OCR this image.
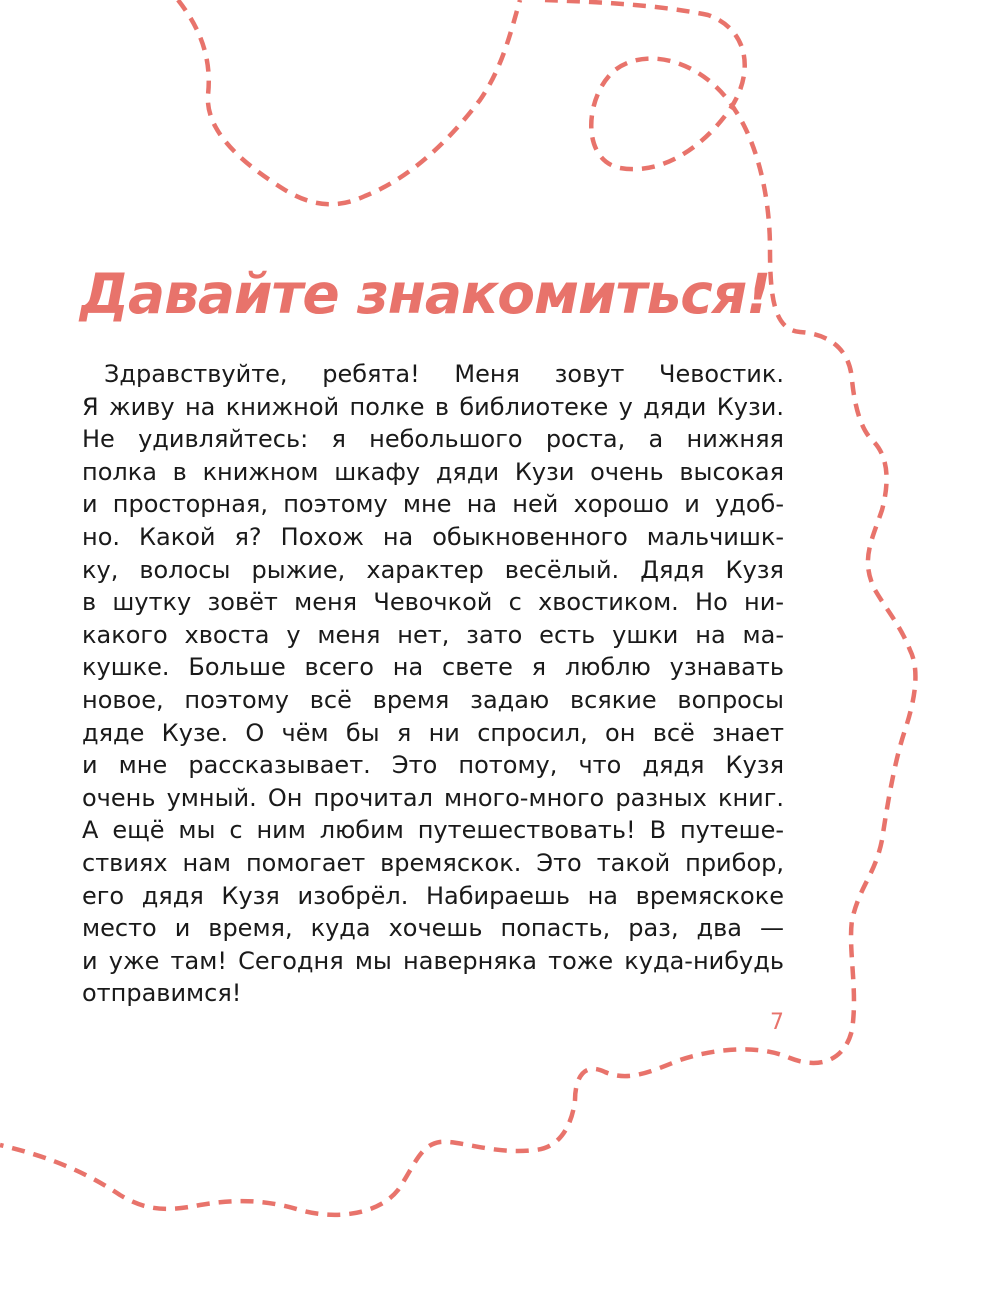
Давайте знакомиться!
Здравствуйте, ребята! Меня зовут Чевостик.
Я живу на книжной полке в библиотеке у дяди Кузи.
Не удивляйтесь: я небольшого роста, а нижняя
полка в книжном шкафу дяди Кузи очень высокая
и просторная, поэтому мне на ней хорошо и удоб-
но. Какой я? Похож на обыкновенного мальчишк-
ку, волосы рыжие, характер весёлый. Дядя Кузя
в шутку зовёт меня Чевочкой с хвостиком. Но ни-
какого хвоста у меня нет, зато есть ушки на ма-
кушке. Больше всего на свете я люблю узнавать
новое, поэтому всё время задаю всякие вопросы
дяде Кузе. О чём бы я ни спросил, он всё знает
и мне рассказывает. Это потому, что дядя Кузя
очень умный. Он прочитал много-много разных книг.
А ещё мы с ним любим путешествовать! В путеше-
ствиях нам помогает времяскок. Это такой прибор,
его дядя Кузя изобрёл. Набираешь на времяскоке
место и время, куда хочешь попасть, раз, два —
и уже там! Сегодня мы наверняка тоже куда-нибудь
отправимся!
7
